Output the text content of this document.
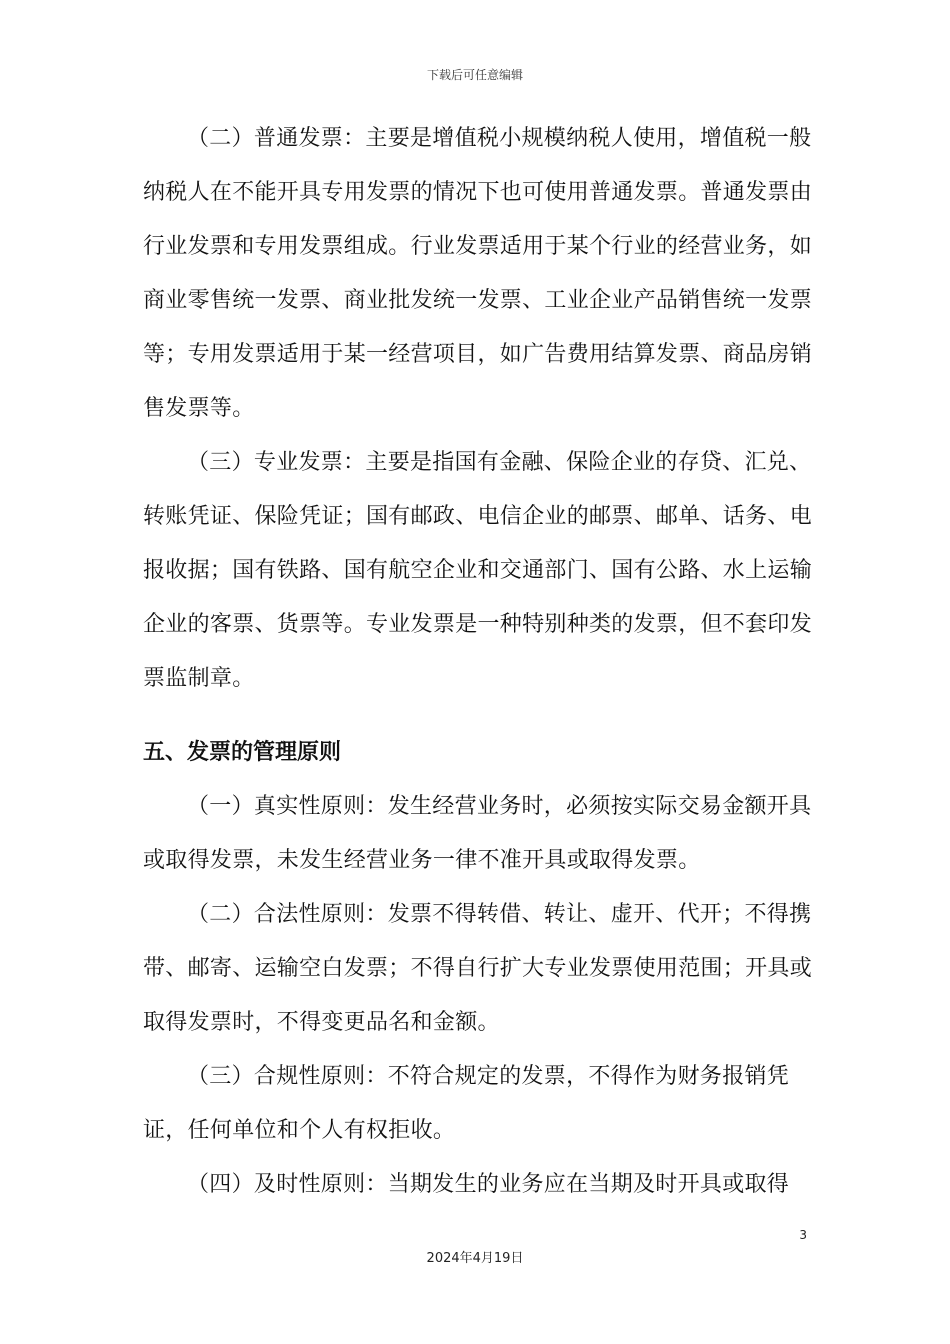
下载后可任意编辑

（二）普通发票：主要是增值税小规模纳税人使用，增值税一般纳税人在不能开具专用发票的情况下也可使用普通发票。普通发票由行业发票和专用发票组成。行业发票适用于某个行业的经营业务，如商业零售统一发票、商业批发统一发票、工业企业产品销售统一发票等；专用发票适用于某一经营项目，如广告费用结算发票、商品房销售发票等。

（三）专业发票：主要是指国有金融、保险企业的存贷、汇兑、转账凭证、保险凭证；国有邮政、电信企业的邮票、邮单、话务、电报收据；国有铁路、国有航空企业和交通部门、国有公路、水上运输企业的客票、货票等。专业发票是一种特别种类的发票，但不套印发票监制章。

五、发票的管理原则

（一）真实性原则：发生经营业务时，必须按实际交易金额开具或取得发票，未发生经营业务一律不准开具或取得发票。

（二）合法性原则：发票不得转借、转让、虚开、代开；不得携带、邮寄、运输空白发票；不得自行扩大专业发票使用范围；开具或取得发票时，不得变更品名和金额。

（三）合规性原则：不符合规定的发票，不得作为财务报销凭证，任何单位和个人有权拒收。

（四）及时性原则：当期发生的业务应在当期及时开具或取得

3
2024年4月19日
